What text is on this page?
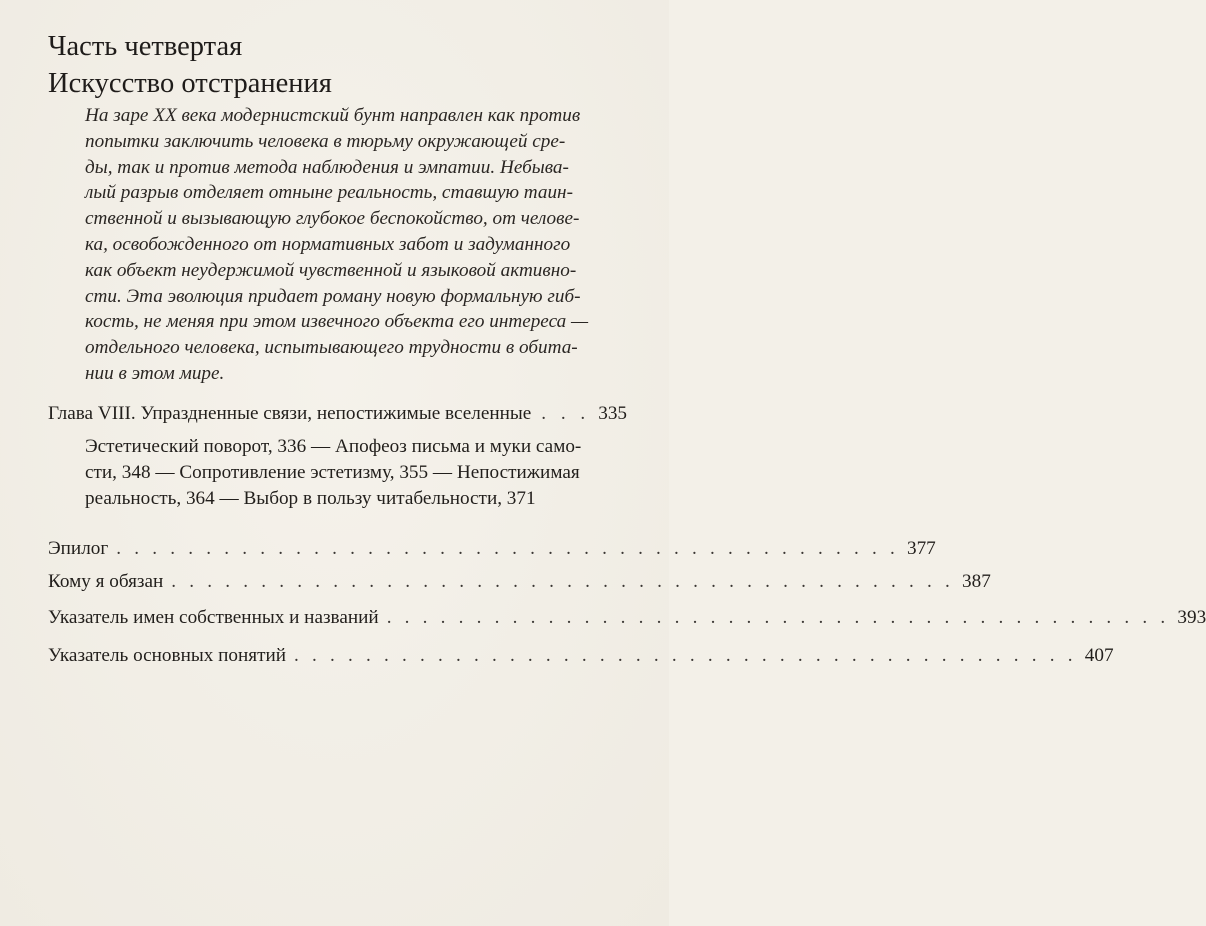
Часть четвертая
Искусство отстранения
На заре XX века модернистский бунт направлен как против
попытки заключить человека в тюрьму окружающей сре-
ды, так и против метода наблюдения и эмпатии. Небыва-
лый разрыв отделяет отныне реальность, ставшую таин-
ственной и вызывающую глубокое беспокойство, от челове-
ка, освобожденного от нормативных забот и задуманного
как объект неудержимой чувственной и языковой активно-
сти. Эта эволюция придает роману новую формальную гиб-
кость, не меняя при этом извечного объекта его интереса —
отдельного человека, испытывающего трудности в обита-
нии в этом мире.
Глава VIII. Упраздненные связи, непостижимые вселенные . . . 335
Эстетический поворот, 336 — Апофеоз письма и муки само-
сти, 348 — Сопротивление эстетизму, 355 — Непостижимая
реальность, 364 — Выбор в пользу читабельности, 371
Эпилог . . . . . . . . . . . . . . . . . . . . . . . . . . . . . . . . . . . . . . . . . . . . 377
Кому я обязан . . . . . . . . . . . . . . . . . . . . . . . . . . . . . . . . . . . . . . . . . . . . 387
Указатель имен собственных и названий . . . . . . . . . . . . . . . . . . . . . . . . . . . . . . . . . . . . . . . . . . . . 393
Указатель основных понятий . . . . . . . . . . . . . . . . . . . . . . . . . . . . . . . . . . . . . . . . . . . . 407
